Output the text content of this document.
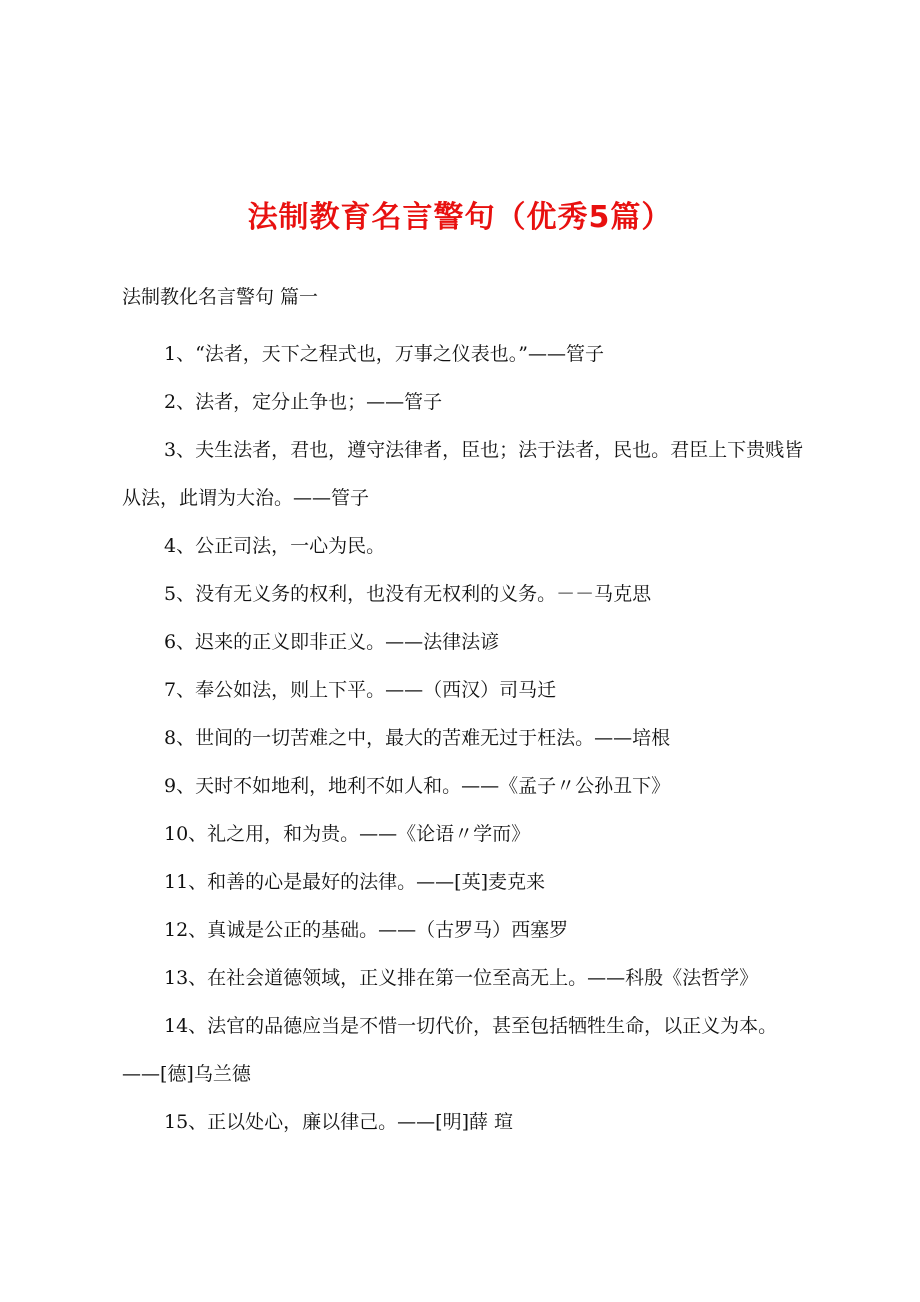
法制教育名言警句（优秀5篇）

法制教化名言警句 篇一

1、“法者，天下之程式也，万事之仪表也。”——管子
2、法者，定分止争也；——管子
3、夫生法者，君也，遵守法律者，臣也；法于法者，民也。君臣上下贵贱皆从法，此谓为大治。——管子
4、公正司法，一心为民。
5、没有无义务的权利，也没有无权利的义务。－－马克思
6、迟来的正义即非正义。——法律法谚
7、奉公如法，则上下平。——（西汉）司马迁
8、世间的一切苦难之中，最大的苦难无过于枉法。——培根
9、天时不如地利，地利不如人和。——《孟子〃公孙丑下》
10、礼之用，和为贵。——《论语〃学而》
11、和善的心是最好的法律。——[英]麦克来
12、真诚是公正的基础。——（古罗马）西塞罗
13、在社会道德领域，正义排在第一位至高无上。——科殷《法哲学》
14、法官的品德应当是不惜一切代价，甚至包括牺牲生命，以正义为本。——[德]乌兰德
15、正以处心，廉以律己。——[明]薛 瑄
